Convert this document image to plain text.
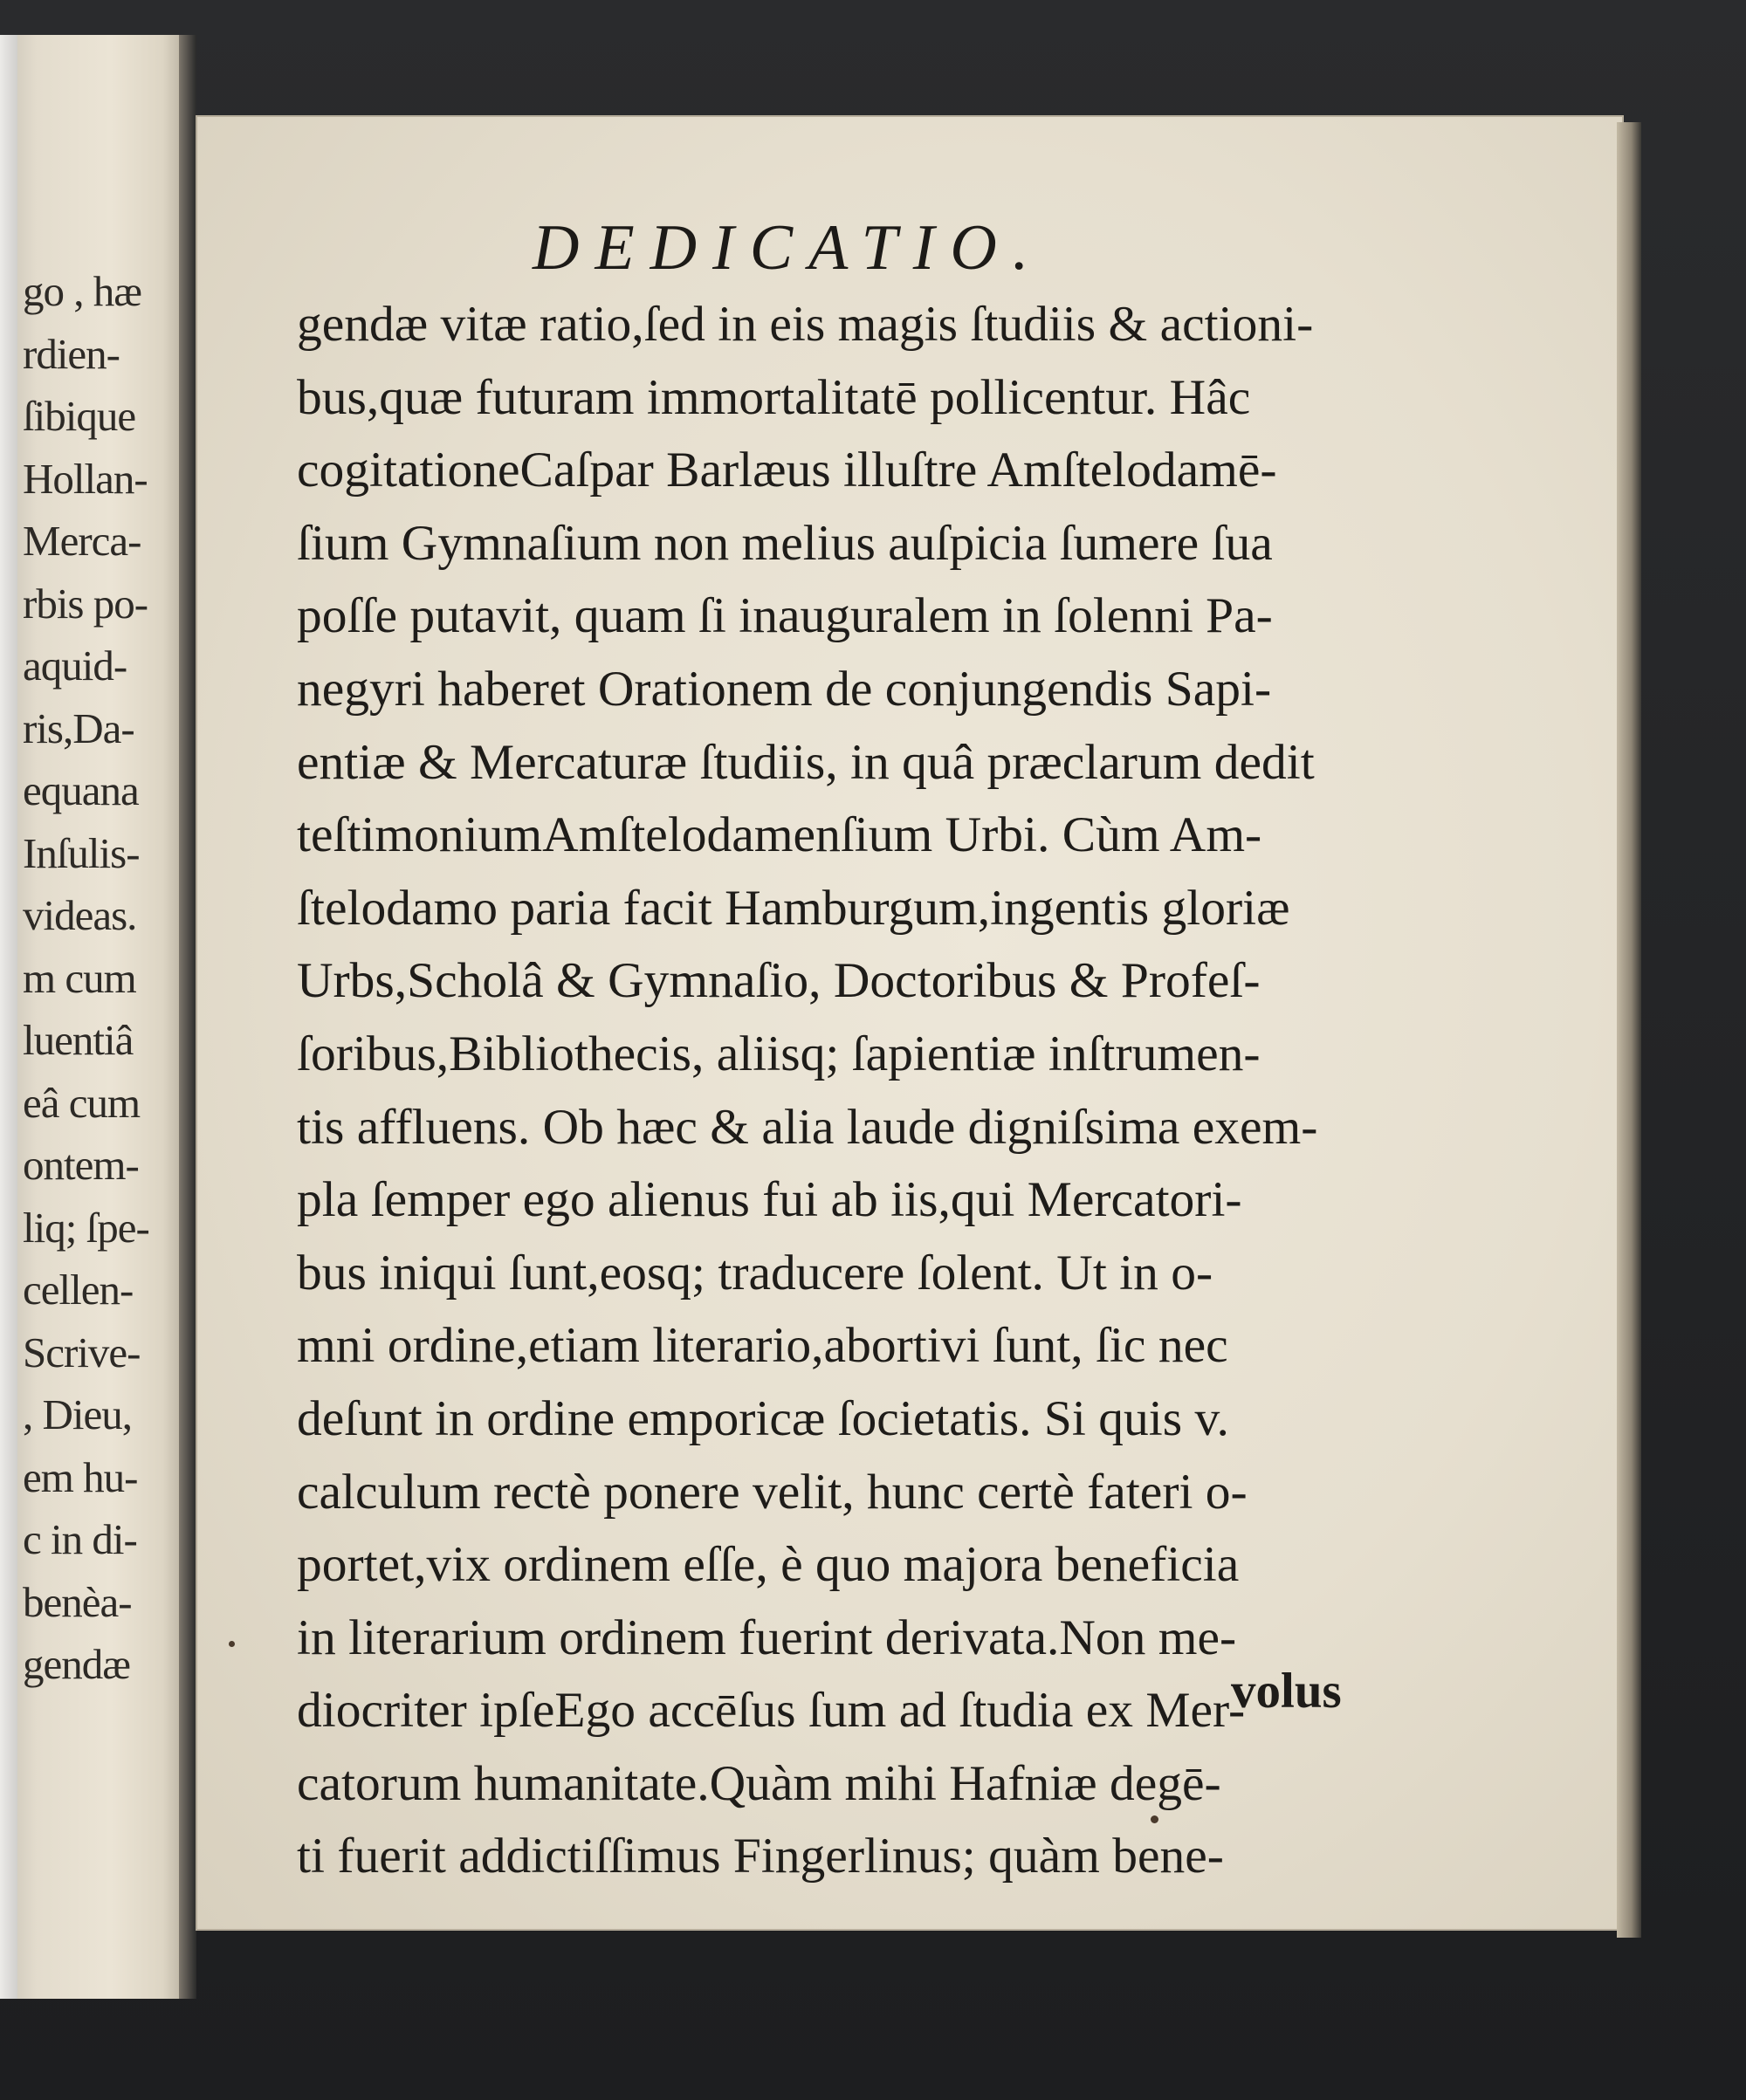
go , hæ
rdien-
ſibique
Hollan-
Merca-
rbis po-
aquid-
ris,Da-
equana
Inſulis-
videas.
m cum
luentiâ
eâ cum
ontem-
liq; ſpe-
cellen-
Scrive-
, Dieu,
em hu-
c in di-
benèa-
gendæ
DEDICATIO.
gendæ vitæ ratio,ſed in eis magis ſtudiis & actioni-
bus,quæ futuram immortalitatē pollicentur. Hâc
cogitationeCaſpar Barlæus illuſtre Amſtelodamē-
ſium Gymnaſium non melius auſpicia ſumere ſua
poſſe putavit, quam ſi inauguralem in ſolenni Pa-
negyri haberet Orationem de conjungendis Sapi-
entiæ & Mercaturæ ſtudiis, in quâ præclarum dedit
teſtimoniumAmſtelodamenſium Urbi. Cùm Am-
ſtelodamo paria facit Hamburgum,ingentis gloriæ
Urbs,Scholâ & Gymnaſio, Doctoribus & Profeſ-
ſoribus,Bibliothecis, aliisq; ſapientiæ inſtrumen-
tis affluens. Ob hæc & alia laude digniſsima exem-
pla ſemper ego alienus fui ab iis,qui Mercatori-
bus iniqui ſunt,eosq; traducere ſolent. Ut in o-
mni ordine,etiam literario,abortivi ſunt, ſic nec
deſunt in ordine emporicæ ſocietatis. Si quis v.
calculum rectè ponere velit, hunc certè fateri o-
portet,vix ordinem eſſe, è quo majora beneficia
in literarium ordinem fuerint derivata.Non me-
diocriter ipſeEgo accēſus ſum ad ſtudia ex Mer-
catorum humanitate.Quàm mihi Hafniæ degē-
ti fuerit addictiſſimus Fingerlinus; quàm bene-
volus
